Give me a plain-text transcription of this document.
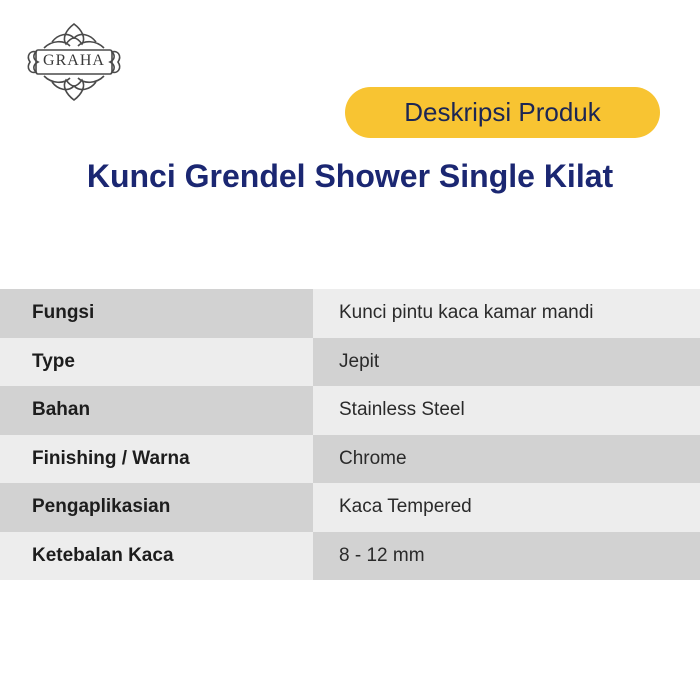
GRAHA
Deskripsi Produk
Kunci Grendel Shower Single Kilat
Fungsi	Kunci pintu kaca kamar mandi
Type	Jepit
Bahan	Stainless Steel
Finishing / Warna	Chrome
Pengaplikasian	Kaca Tempered
Ketebalan Kaca	8 - 12 mm
